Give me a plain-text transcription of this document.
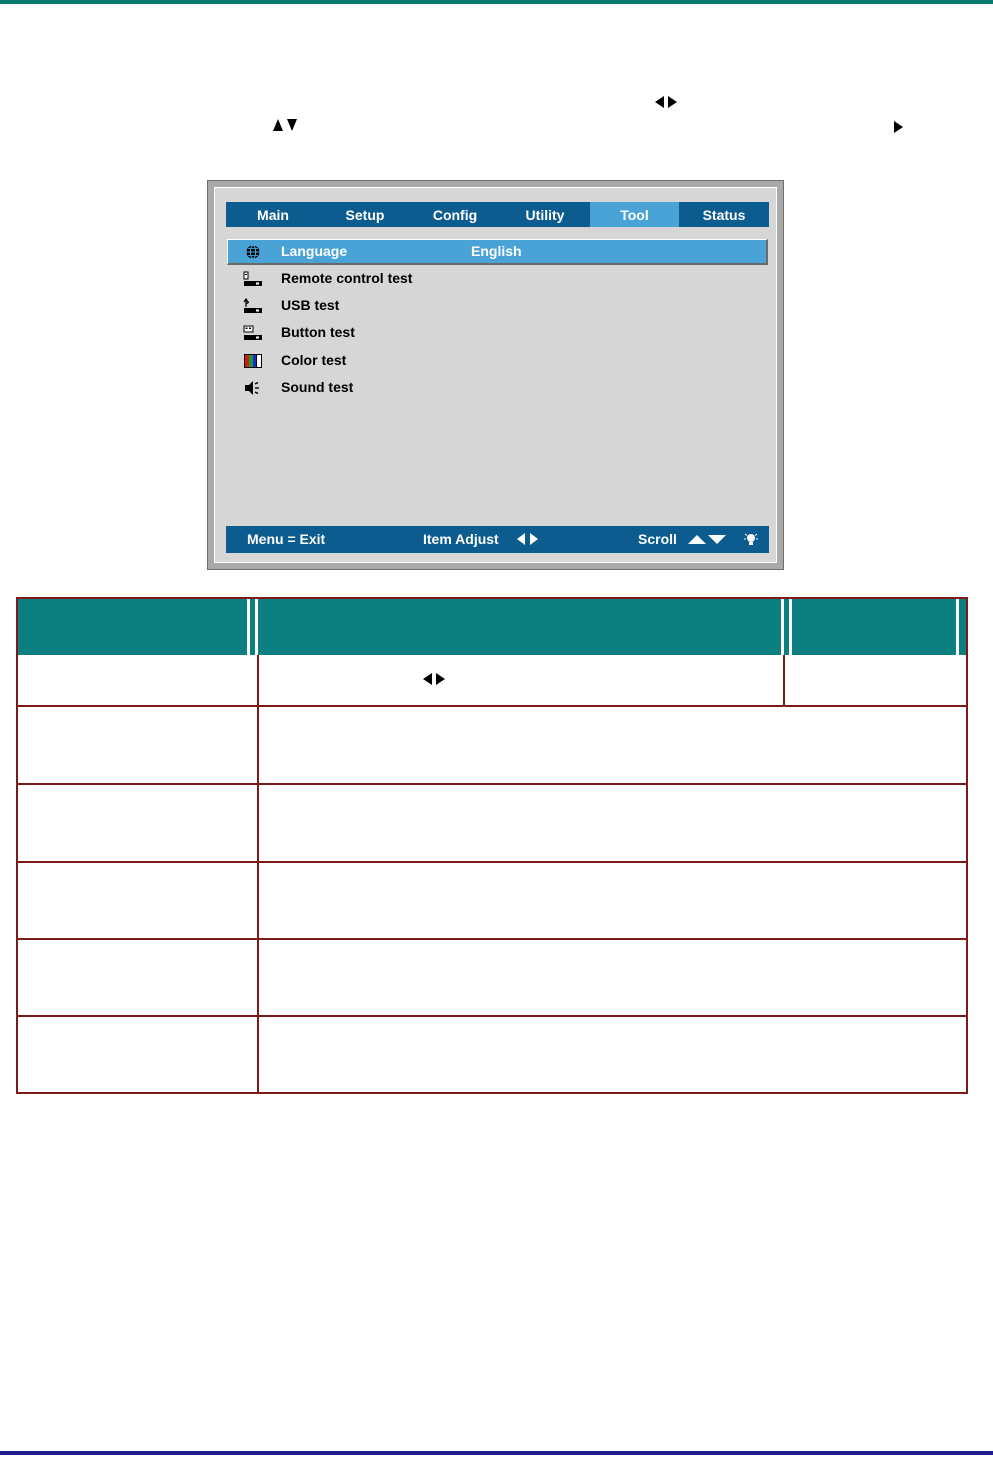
Main	Setup	Config	Utility	Tool	Status
Language	English
Remote control test
USB test
Button test
Color test
Sound test
Menu = Exit	Item Adjust	Scroll
